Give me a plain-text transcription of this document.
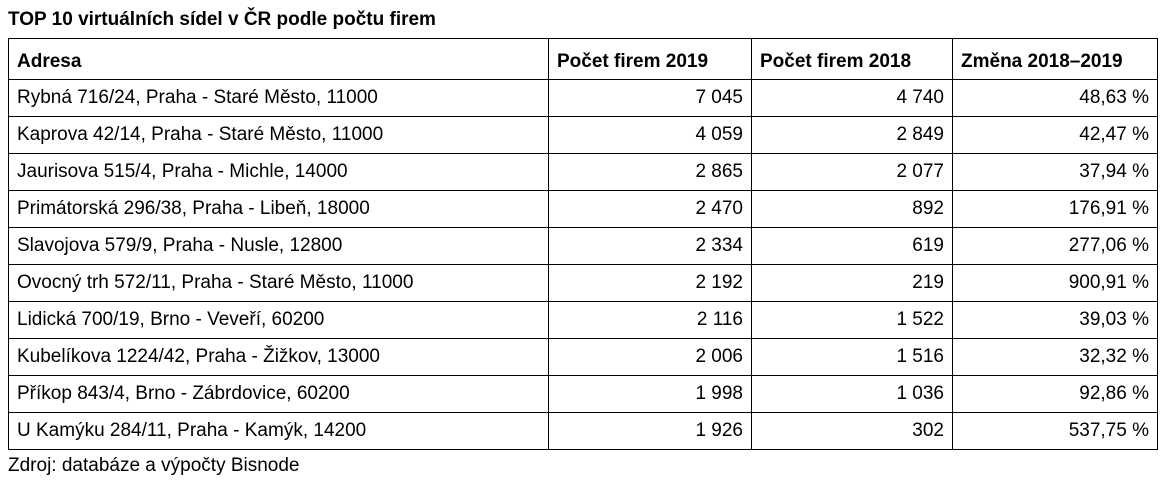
TOP 10 virtuálních sídel v ČR podle počtu firem
Adresa	Počet firem 2019	Počet firem 2018	Změna 2018–2019
Rybná 716/24, Praha - Staré Město, 11000	7 045	4 740	48,63 %
Kaprova 42/14, Praha - Staré Město, 11000	4 059	2 849	42,47 %
Jaurisova 515/4, Praha - Michle, 14000	2 865	2 077	37,94 %
Primátorská 296/38, Praha - Libeň, 18000	2 470	892	176,91 %
Slavojova 579/9, Praha - Nusle, 12800	2 334	619	277,06 %
Ovocný trh 572/11, Praha - Staré Město, 11000	2 192	219	900,91 %
Lidická 700/19, Brno - Veveří, 60200	2 116	1 522	39,03 %
Kubelíkova 1224/42, Praha - Žižkov, 13000	2 006	1 516	32,32 %
Příkop 843/4, Brno - Zábrdovice, 60200	1 998	1 036	92,86 %
U Kamýku 284/11, Praha - Kamýk, 14200	1 926	302	537,75 %
Zdroj: databáze a výpočty Bisnode
